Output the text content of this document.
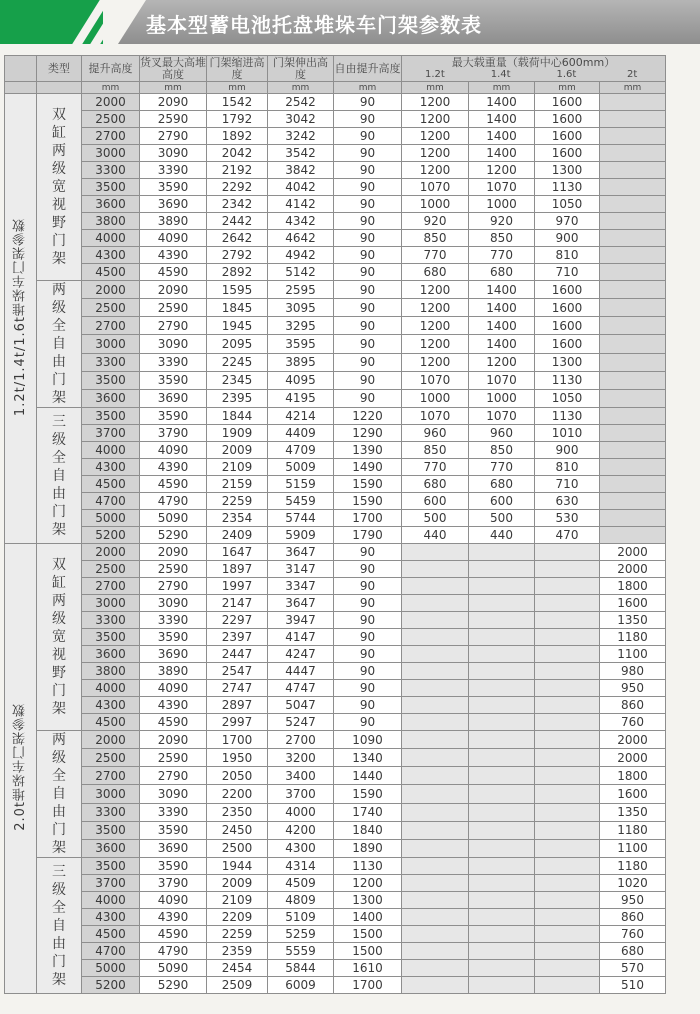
基本型蓄电池托盘堆垛车门架参数表
	类型	提升高度	货叉最大高堆高度	门架缩进高度	门架伸出高度	自由提升高度	最大载重量（载荷中心600mm）
1.2t 1.4t 1.6t 2t			

		mm	mm	mm	mm	mm	mm	mm	mm	mm
1.2t/1.4t/1.6t堆垛车门架参数	双缸两级宽视野门架	2000	2090	1542	2542	90	1200	1400	1600	
		2500	2590	1792	3042	90	1200	1400	1600	
		2700	2790	1892	3242	90	1200	1400	1600	
		3000	3090	2042	3542	90	1200	1400	1600	
		3300	3390	2192	3842	90	1200	1200	1300	
		3500	3590	2292	4042	90	1070	1070	1130	
		3600	3690	2342	4142	90	1000	1000	1050	
		3800	3890	2442	4342	90	920	920	970	
		4000	4090	2642	4642	90	850	850	900	
		4300	4390	2792	4942	90	770	770	810	
		4500	4590	2892	5142	90	680	680	710	

	两级全自由门架	2000	2090	1595	2595	90	1200	1400	1600	
		2500	2590	1845	3095	90	1200	1400	1600	
		2700	2790	1945	3295	90	1200	1400	1600	
		3000	3090	2095	3595	90	1200	1400	1600	
		3300	3390	2245	3895	90	1200	1200	1300	
		3500	3590	2345	4095	90	1070	1070	1130	
		3600	3690	2395	4195	90	1000	1000	1050	

	三级全自由门架	3500	3590	1844	4214	1220	1070	1070	1130	
		3700	3790	1909	4409	1290	960	960	1010	
		4000	4090	2009	4709	1390	850	850	900	
		4300	4390	2109	5009	1490	770	770	810	
		4500	4590	2159	5159	1590	680	680	710	
		4700	4790	2259	5459	1590	600	600	630	
		5000	5090	2354	5744	1700	500	500	530	
		5200	5290	2409	5909	1790	440	440	470	
2.0t堆垛车门架参数	双缸两级宽视野门架	2000	2090	1647	3647	90				2000
		2500	2590	1897	3147	90				2000
		2700	2790	1997	3347	90				1800
		3000	3090	2147	3647	90				1600
		3300	3390	2297	3947	90				1350
		3500	3590	2397	4147	90				1180
		3600	3690	2447	4247	90				1100
		3800	3890	2547	4447	90				980
		4000	4090	2747	4747	90				950
		4300	4390	2897	5047	90				860
		4500	4590	2997	5247	90				760

	两级全自由门架	2000	2090	1700	2700	1090				2000
		2500	2590	1950	3200	1340				2000
		2700	2790	2050	3400	1440				1800
		3000	3090	2200	3700	1590				1600
		3300	3390	2350	4000	1740				1350
		3500	3590	2450	4200	1840				1180
		3600	3690	2500	4300	1890				1100

	三级全自由门架	3500	3590	1944	4314	1130				1180
		3700	3790	2009	4509	1200				1020
		4000	4090	2109	4809	1300				950
		4300	4390	2209	5109	1400				860
		4500	4590	2259	5259	1500				760
		4700	4790	2359	5559	1500				680
		5000	5090	2454	5844	1610				570
		5200	5290	2509	6009	1700				510
